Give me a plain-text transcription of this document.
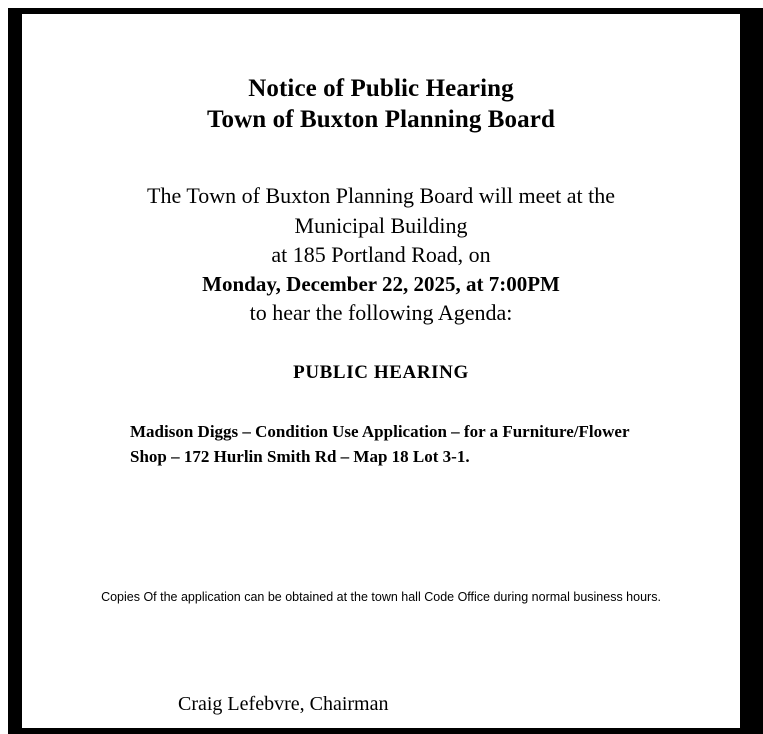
Notice of Public Hearing
Town of Buxton Planning Board
The Town of Buxton Planning Board will meet at the
Municipal Building
at 185 Portland Road, on
Monday, December 22, 2025, at 7:00PM
to hear the following Agenda:
PUBLIC HEARING
Madison Diggs – Condition Use Application – for a Furniture/Flower Shop – 172 Hurlin Smith Rd – Map 18 Lot 3-1.
Copies Of the application can be obtained at the town hall Code Office during normal business hours.
Craig Lefebvre, Chairman
